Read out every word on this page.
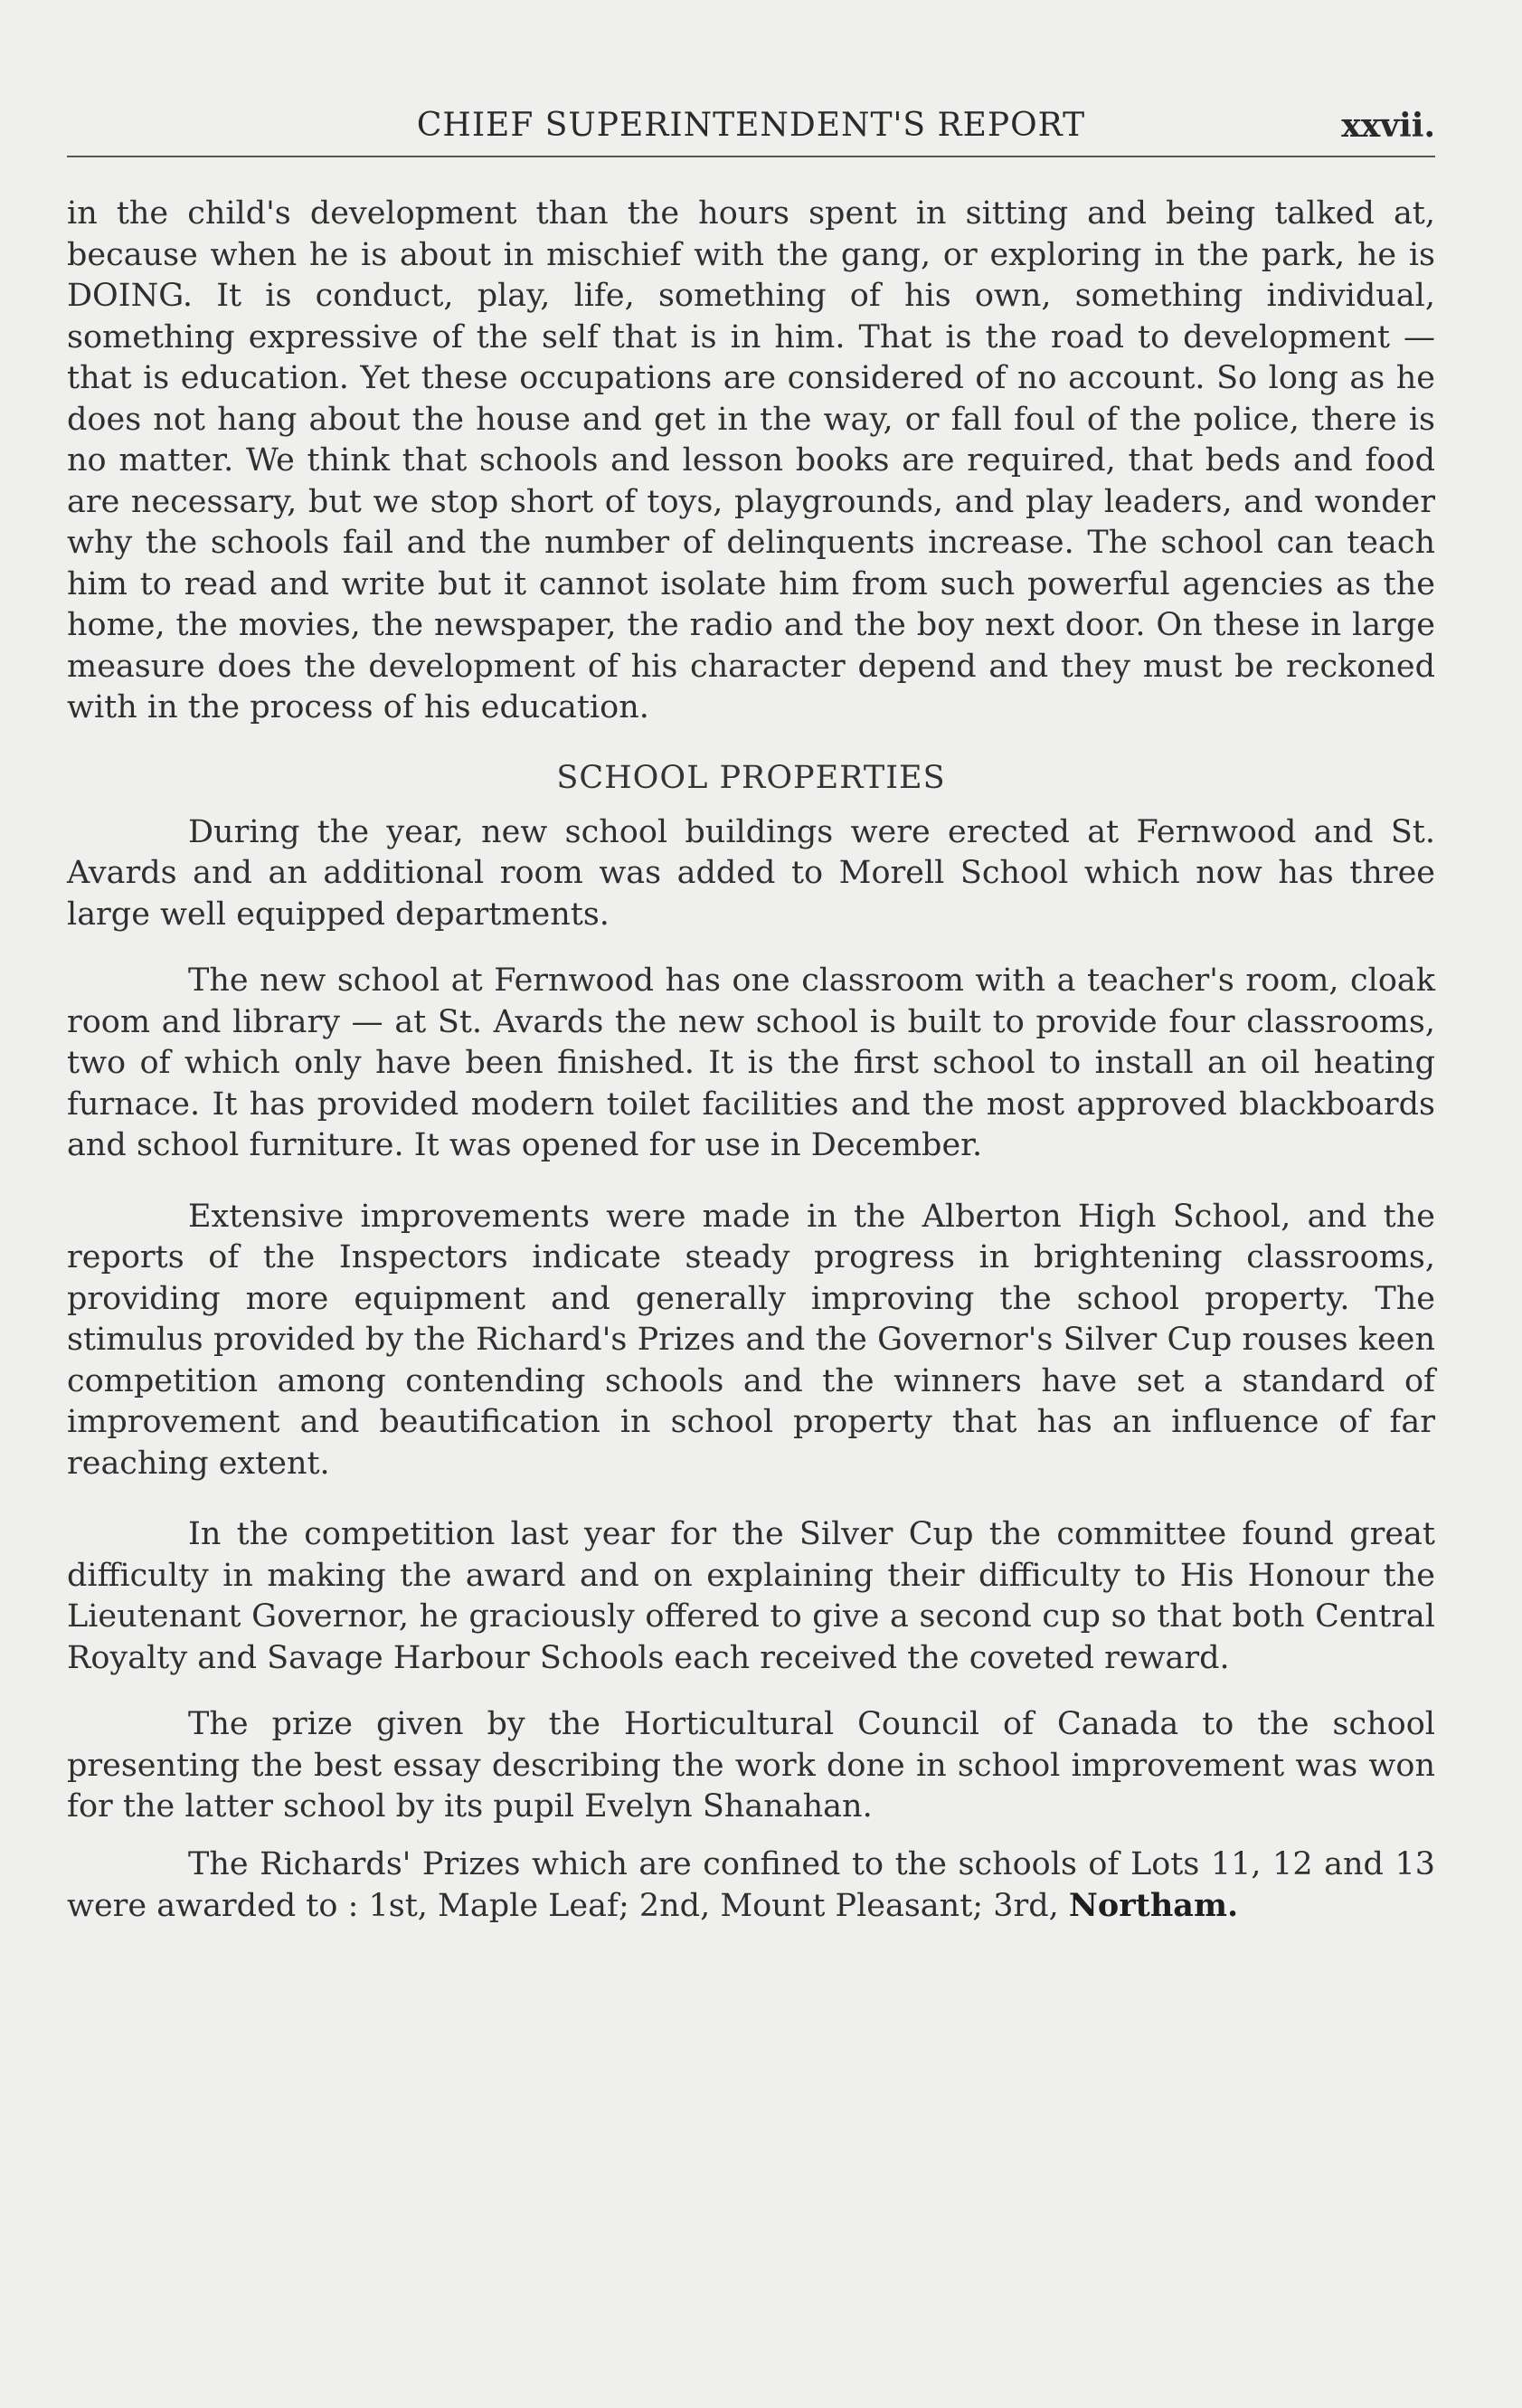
CHIEF SUPERINTENDENT'S REPORT	xxvii.

in the child's development than the hours spent in sitting and being talked at, because when he is about in mischief with the gang, or exploring in the park, he is DOING. It is conduct, play, life, something of his own, something individual, something expressive of the self that is in him. That is the road to development — that is education. Yet these occupations are considered of no account. So long as he does not hang about the house and get in the way, or fall foul of the police, there is no matter. We think that schools and lesson books are required, that beds and food are necessary, but we stop short of toys, playgrounds, and play leaders, and wonder why the schools fail and the number of delinquents increase. The school can teach him to read and write but it cannot isolate him from such powerful agencies as the home, the movies, the newspaper, the radio and the boy next door. On these in large measure does the development of his character depend and they must be reckoned with in the process of his education.

SCHOOL PROPERTIES

During the year, new school buildings were erected at Fernwood and St. Avards and an additional room was added to Morell School which now has three large well equipped departments.

The new school at Fernwood has one classroom with a teacher's room, cloak room and library — at St. Avards the new school is built to provide four classrooms, two of which only have been finished. It is the first school to install an oil heating furnace. It has provided modern toilet facilities and the most approved blackboards and school furniture. It was opened for use in December.

Extensive improvements were made in the Alberton High School, and the reports of the Inspectors indicate steady progress in brightening classrooms, providing more equipment and generally improving the school property. The stimulus provided by the Richard's Prizes and the Governor's Silver Cup rouses keen competition among contending schools and the winners have set a standard of improvement and beautification in school property that has an influence of far reaching extent.

In the competition last year for the Silver Cup the committee found great difficulty in making the award and on explaining their difficulty to His Honour the Lieutenant Governor, he graciously offered to give a second cup so that both Central Royalty and Savage Harbour Schools each received the coveted reward.

The prize given by the Horticultural Council of Canada to the school presenting the best essay describing the work done in school improvement was won for the latter school by its pupil Evelyn Shanahan.

The Richards' Prizes which are confined to the schools of Lots 11, 12 and 13 were awarded to : 1st, Maple Leaf; 2nd, Mount Pleasant; 3rd, Northam.
